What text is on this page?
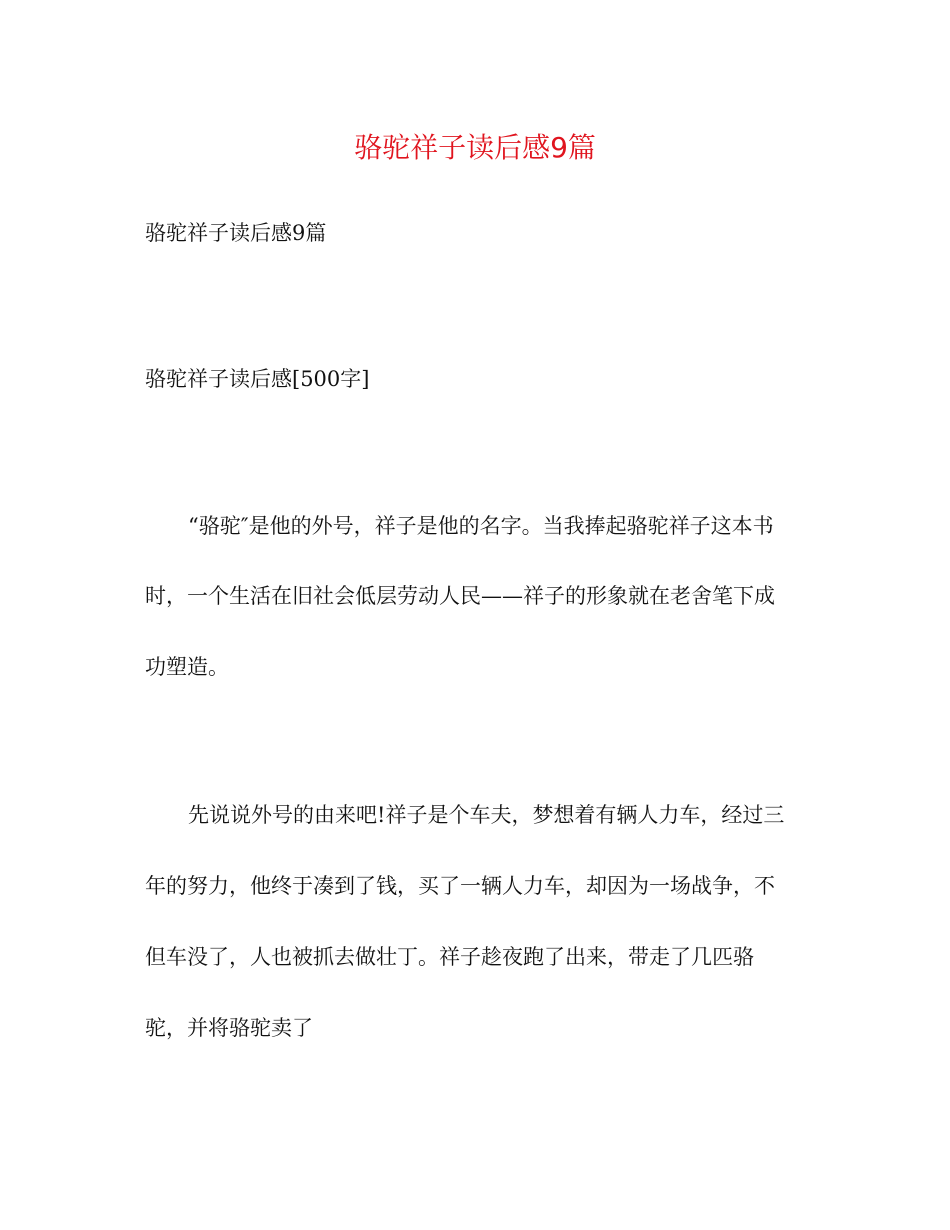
骆驼祥子读后感9篇
骆驼祥子读后感9篇
骆驼祥子读后感[500字]
“骆驼″是他的外号，祥子是他的名字。当我捧起骆驼祥子这本书
时，一个生活在旧社会低层劳动人民——祥子的形象就在老舍笔下成
功塑造。
先说说外号的由来吧!祥子是个车夫，梦想着有辆人力车，经过三
年的努力，他终于凑到了钱，买了一辆人力车，却因为一场战争，不
但车没了，人也被抓去做壮丁。祥子趁夜跑了出来，带走了几匹骆
驼，并将骆驼卖了
